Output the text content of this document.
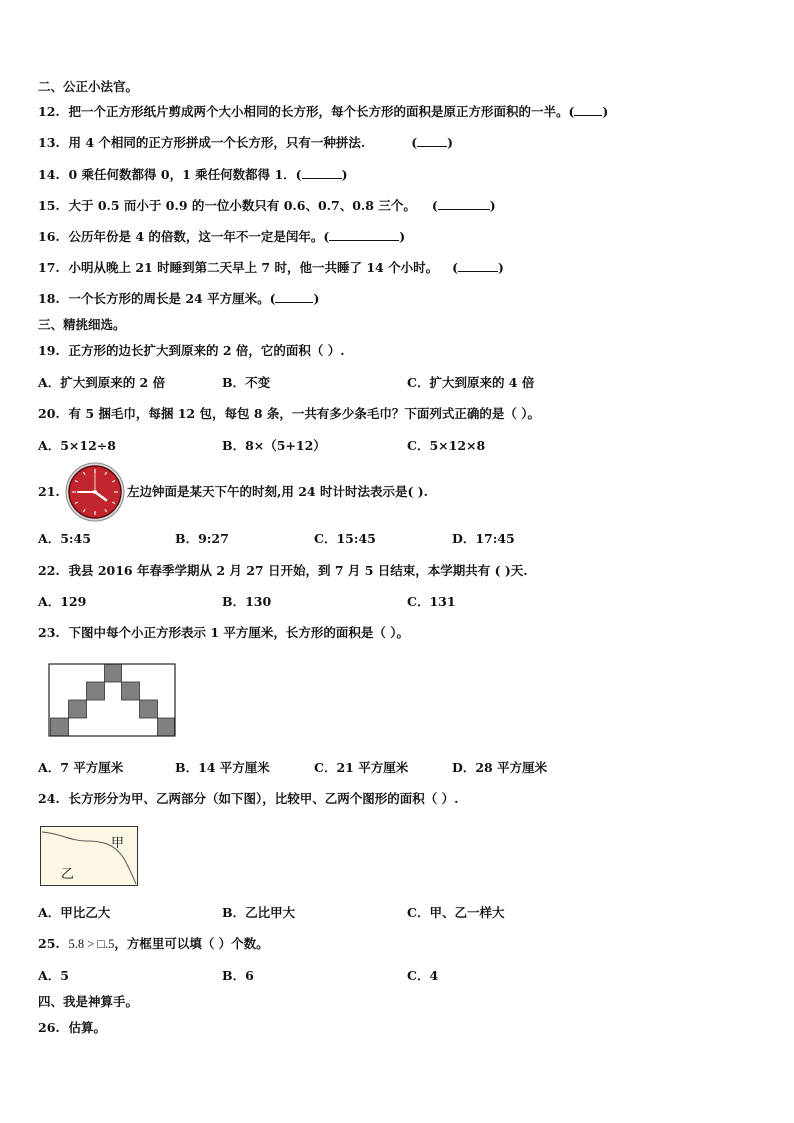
二、公正小法官。
12. 把一个正方形纸片剪成两个大小相同的长方形，每个长方形的面积是原正方形面积的一半。( )
13. 用 4 个相同的正方形拼成一个长方形，只有一种拼法.	( )
14. 0 乘任何数都得 0，1 乘任何数都得 1．(	)
15. 大于 0.5 而小于 0.9 的一位小数只有 0.6、0.7、0.8 三个。 (	)
16. 公历年份是 4 的倍数，这一年不一定是闰年。(	)
17. 小明从晚上 21 时睡到第二天早上 7 时，他一共睡了 14 个小时。 (	)
18. 一个长方形的周长是 24 平方厘米。(	)
三、精挑细选。
19. 正方形的边长扩大到原来的 2 倍，它的面积（ ）.
A．扩大到原来的 2 倍	B．不变	C．扩大到原来的 4 倍
20. 有 5 捆毛巾，每捆 12 包，每包 8 条，一共有多少条毛巾？下面列式正确的是（ ）。
A．5×12÷8	B．8×（5+12）	C．5×12×8
21.	左边钟面是某天下午的时刻,用 24 时计时法表示是( ).
A．5:45	B．9:27	C．15:45	D．17:45
22. 我县 2016 年春季学期从 2 月 27 日开始，到 7 月 5 日结束，本学期共有 ( )天.
A．129	B．130	C．131
23. 下图中每个小正方形表示 1 平方厘米，长方形的面积是（ ）。
A．7 平方厘米	B．14 平方厘米	C．21 平方厘米	D．28 平方厘米
24. 长方形分为甲、乙两部分（如下图），比较甲、乙两个图形的面积（ ）.
甲
乙
A．甲比乙大	B．乙比甲大	C．甲、乙一样大
25. 5.8 > □.5，方框里可以填（ ）个数。
A．5	B．6	C．4
四、我是神算手。
26. 估算。
